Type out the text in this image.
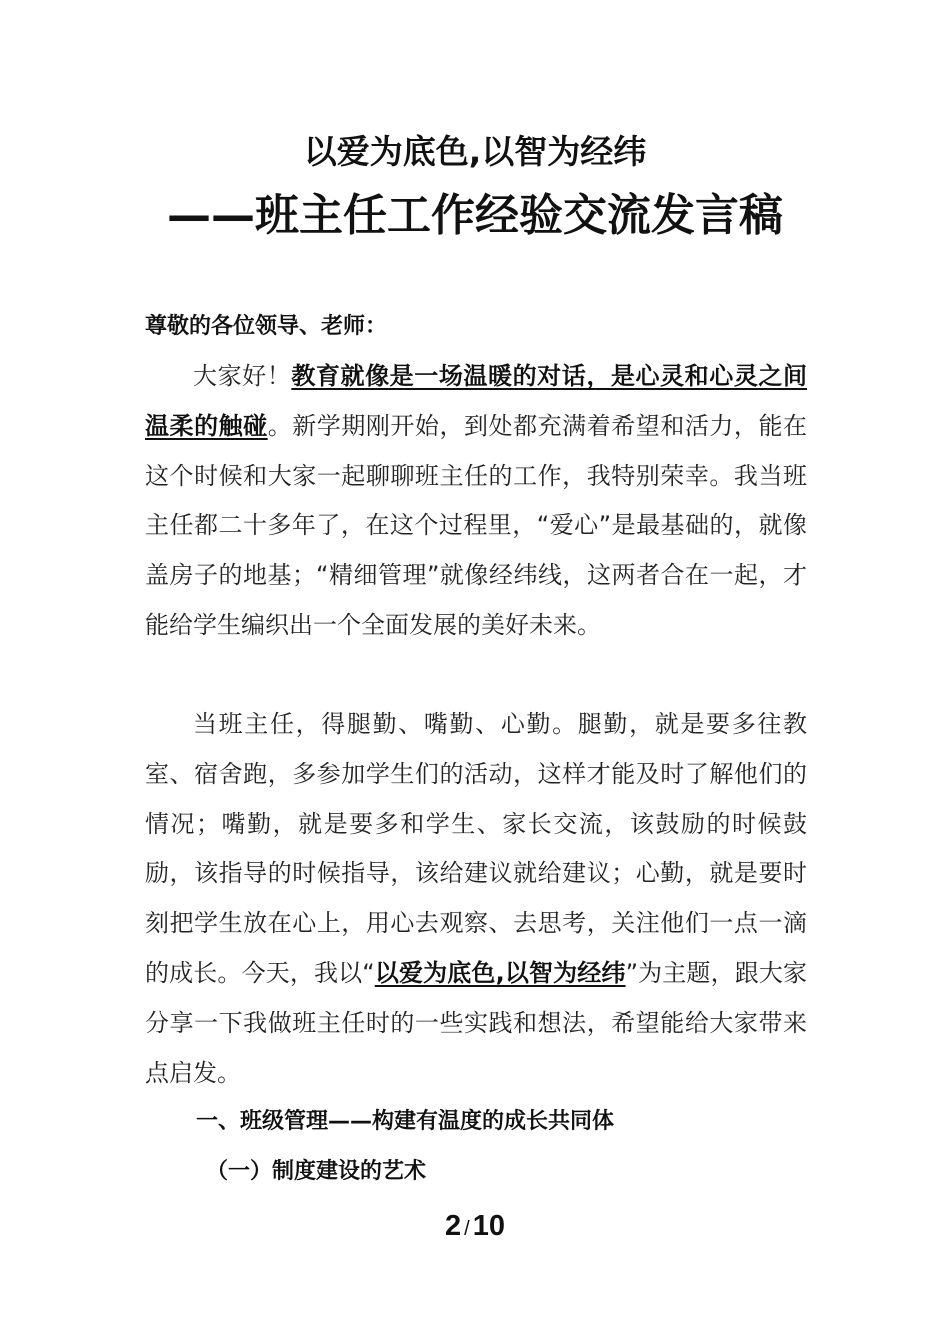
以爱为底色,以智为经纬
——班主任工作经验交流发言稿
尊敬的各位领导、老师：
大家好！教育就像是一场温暖的对话，是心灵和心灵之间温柔的触碰。新学期刚开始，到处都充满着希望和活力，能在这个时候和大家一起聊聊班主任的工作，我特别荣幸。我当班主任都二十多年了，在这个过程里，“爱心”是最基础的，就像盖房子的地基；“精细管理”就像经纬线，这两者合在一起，才能给学生编织出一个全面发展的美好未来。
当班主任，得腿勤、嘴勤、心勤。腿勤，就是要多往教室、宿舍跑，多参加学生们的活动，这样才能及时了解他们的情况；嘴勤，就是要多和学生、家长交流，该鼓励的时候鼓励，该指导的时候指导，该给建议就给建议；心勤，就是要时刻把学生放在心上，用心去观察、去思考，关注他们一点一滴的成长。今天，我以“以爱为底色,以智为经纬”为主题，跟大家分享一下我做班主任时的一些实践和想法，希望能给大家带来点启发。
一、班级管理——构建有温度的成长共同体
（一）制度建设的艺术
2 / 10
